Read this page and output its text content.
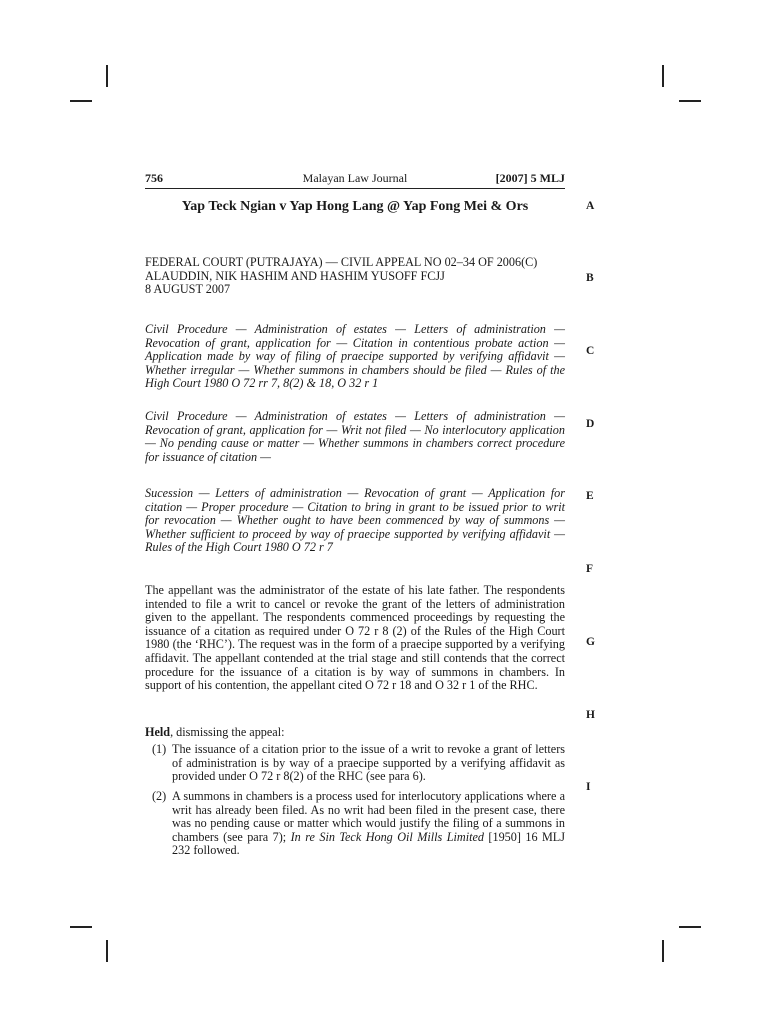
756	Malayan Law Journal	[2007] 5 MLJ
Yap Teck Ngian v Yap Hong Lang @ Yap Fong Mei & Ors
FEDERAL COURT (PUTRAJAYA) — CIVIL APPEAL NO 02–34 OF 2006(C)
ALAUDDIN, NIK HASHIM AND HASHIM YUSOFF FCJJ
8 AUGUST 2007
Civil Procedure — Administration of estates — Letters of administration — Revocation of grant, application for — Citation in contentious probate action — Application made by way of filing of praecipe supported by verifying affidavit — Whether irregular — Whether summons in chambers should be filed — Rules of the High Court 1980 O 72 rr 7, 8(2) & 18, O 32 r 1
Civil Procedure — Administration of estates — Letters of administration — Revocation of grant, application for — Writ not filed — No interlocutory application — No pending cause or matter — Whether summons in chambers correct procedure for issuance of citation —
Sucession — Letters of administration — Revocation of grant — Application for citation — Proper procedure — Citation to bring in grant to be issued prior to writ for revocation — Whether ought to have been commenced by way of summons — Whether sufficient to proceed by way of praecipe supported by verifying affidavit — Rules of the High Court 1980 O 72 r 7
The appellant was the administrator of the estate of his late father. The respondents intended to file a writ to cancel or revoke the grant of the letters of administration given to the appellant. The respondents commenced proceedings by requesting the issuance of a citation as required under O 72 r 8 (2) of the Rules of the High Court 1980 (the ‘RHC’). The request was in the form of a praecipe supported by a verifying affidavit. The appellant contended at the trial stage and still contends that the correct procedure for the issuance of a citation is by way of summons in chambers. In support of his contention, the appellant cited O 72 r 18 and O 32 r 1 of the RHC.
Held, dismissing the appeal:
(1) The issuance of a citation prior to the issue of a writ to revoke a grant of letters of administration is by way of a praecipe supported by a verifying affidavit as provided under O 72 r 8(2) of the RHC (see para 6).
(2) A summons in chambers is a process used for interlocutory applications where a writ has already been filed. As no writ had been filed in the present case, there was no pending cause or matter which would justify the filing of a summons in chambers (see para 7); In re Sin Teck Hong Oil Mills Limited [1950] 16 MLJ 232 followed.
A
B
C
D
E
F
G
H
I
